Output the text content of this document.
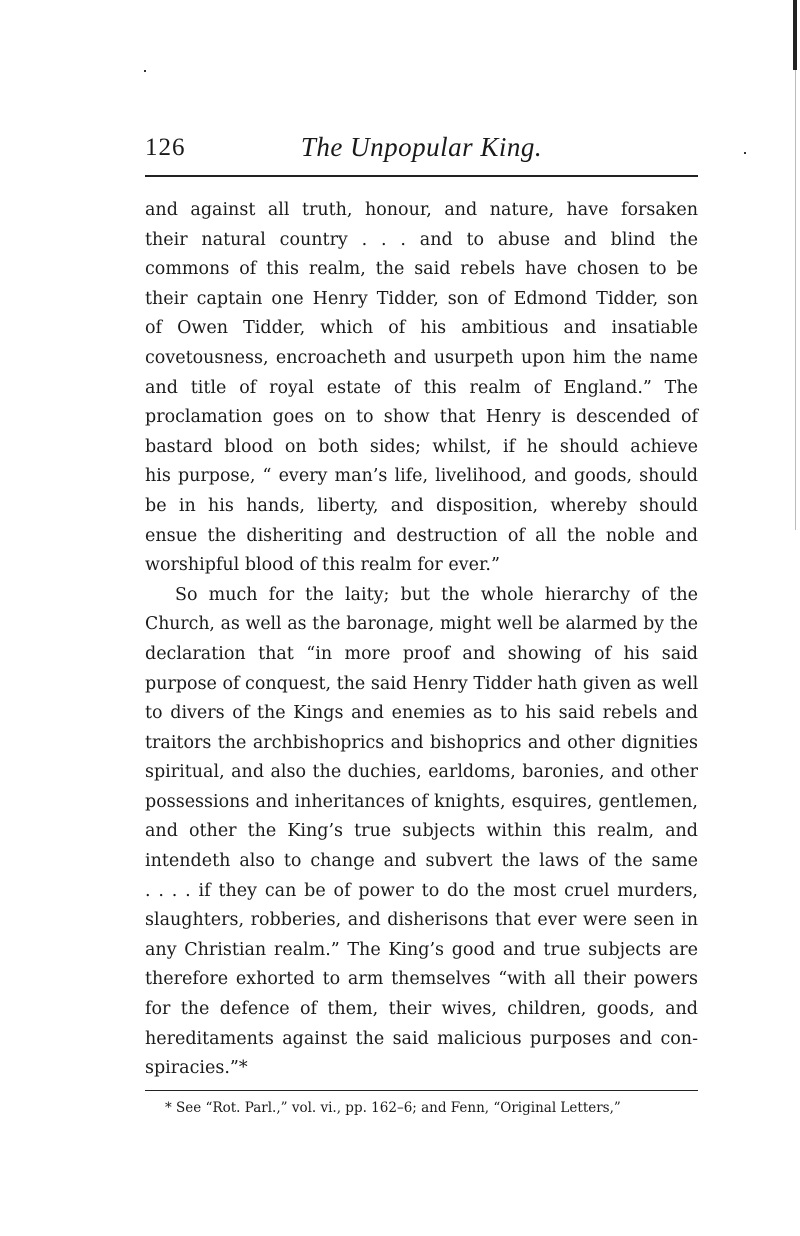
126	The Unpopular King.
and against all truth, honour, and nature, have forsaken
their natural country . . . and to abuse and blind the
commons of this realm, the said rebels have chosen to be
their captain one Henry Tidder, son of Edmond Tidder, son
of Owen Tidder, which of his ambitious and insatiable
covetousness, encroacheth and usurpeth upon him the name
and title of royal estate of this realm of England.” The
proclamation goes on to show that Henry is descended of
bastard blood on both sides; whilst, if he should achieve
his purpose, “ every man’s life, livelihood, and goods, should
be in his hands, liberty, and disposition, whereby should
ensue the disheriting and destruction of all the noble and
worshipful blood of this realm for ever.”
So much for the laity; but the whole hierarchy of the
Church, as well as the baronage, might well be alarmed by the
declaration that “in more proof and showing of his said
purpose of conquest, the said Henry Tidder hath given as well
to divers of the Kings and enemies as to his said rebels and
traitors the archbishoprics and bishoprics and other dignities
spiritual, and also the duchies, earldoms, baronies, and other
possessions and inheritances of knights, esquires, gentlemen,
and other the King’s true subjects within this realm, and
intendeth also to change and subvert the laws of the same
. . . . if they can be of power to do the most cruel murders,
slaughters, robberies, and disherisons that ever were seen in
any Christian realm.” The King’s good and true subjects are
therefore exhorted to arm themselves “with all their powers
for the defence of them, their wives, children, goods, and
hereditaments against the said malicious purposes and con-
spiracies.”*
* See “Rot. Parl.,” vol. vi., pp. 162–6; and Fenn, “Original Letters,”
